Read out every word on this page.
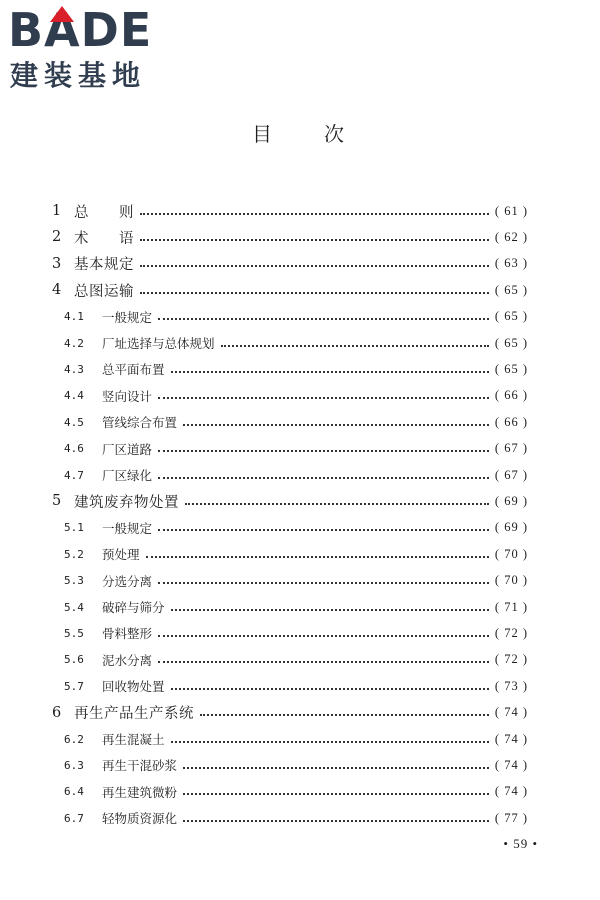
BADE
建装基地
目 次
1 总　　则	( 61 )
2 术　　语	( 62 )
3 基本规定	( 63 )
4 总图运输	( 65 )
4.1	一般规定	( 65 )
4.2	厂址选择与总体规划	( 65 )
4.3	总平面布置	( 65 )
4.4	竖向设计	( 66 )
4.5	管线综合布置	( 66 )
4.6	厂区道路	( 67 )
4.7	厂区绿化	( 67 )
5 建筑废弃物处置	( 69 )
5.1	一般规定	( 69 )
5.2	预处理	( 70 )
5.3	分选分离	( 70 )
5.4	破碎与筛分	( 71 )
5.5	骨料整形	( 72 )
5.6	泥水分离	( 72 )
5.7	回收物处置	( 73 )
6 再生产品生产系统	( 74 )
6.2	再生混凝土	( 74 )
6.3	再生干混砂浆	( 74 )
6.4	再生建筑微粉	( 74 )
6.7	轻物质资源化	( 77 )
• 59 •
